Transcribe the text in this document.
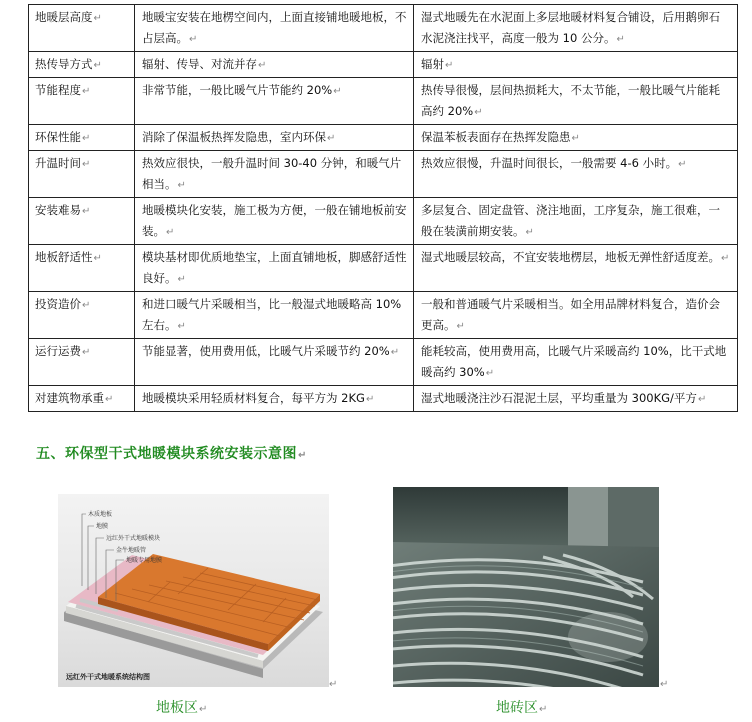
地暖层高度↵	地暖宝安装在地楞空间内，上面直接铺地暖地板，不占层高。↵	湿式地暖先在水泥面上多层地暖材料复合铺设，后用鹅卵石水泥浇注找平，高度一般为 10 公分。↵
热传导方式↵	辐射、传导、对流并存↵	辐射↵
节能程度↵	非常节能，一般比暖气片节能约 20%↵	热传导很慢，层间热损耗大，不太节能，一般比暖气片能耗高约 20%↵
环保性能↵	消除了保温板热挥发隐患，室内环保↵	保温苯板表面存在热挥发隐患↵
升温时间↵	热效应很快，一般升温时间 30-40 分钟，和暖气片相当。↵	热效应很慢，升温时间很长，一般需要 4-6 小时。↵
安装难易↵	地暖模块化安装，施工极为方便，一般在铺地板前安装。↵	多层复合、固定盘管、浇注地面，工序复杂，施工很难，一般在装潢前期安装。↵
地板舒适性↵	模块基材即优质地垫宝，上面直铺地板，脚感舒适性良好。↵	湿式地暖层较高，不宜安装地楞层，地板无弹性舒适度差。↵
投资造价↵	和进口暖气片采暖相当，比一般湿式地暖略高 10%左右。↵	一般和普通暖气片采暖相当。如全用品牌材料复合，造价会更高。↵
运行运费↵	节能显著，使用费用低，比暖气片采暖节约 20%↵	能耗较高，使用费用高，比暖气片采暖高约 10%，比干式地暖高约 30%↵
对建筑物承重↵	地暖模块采用轻质材料复合，每平方为 2KG↵	湿式地暖浇注沙石混泥土层，平均重量为 300KG/平方↵
五、环保型干式地暖模块系统安装示意图↵
木质地板
地膜
远红外干式地暖模块
金牛地暖管
地暖专用地膜
远红外干式地暖系统结构图
↵	↵
地板区↵	地砖区↵
